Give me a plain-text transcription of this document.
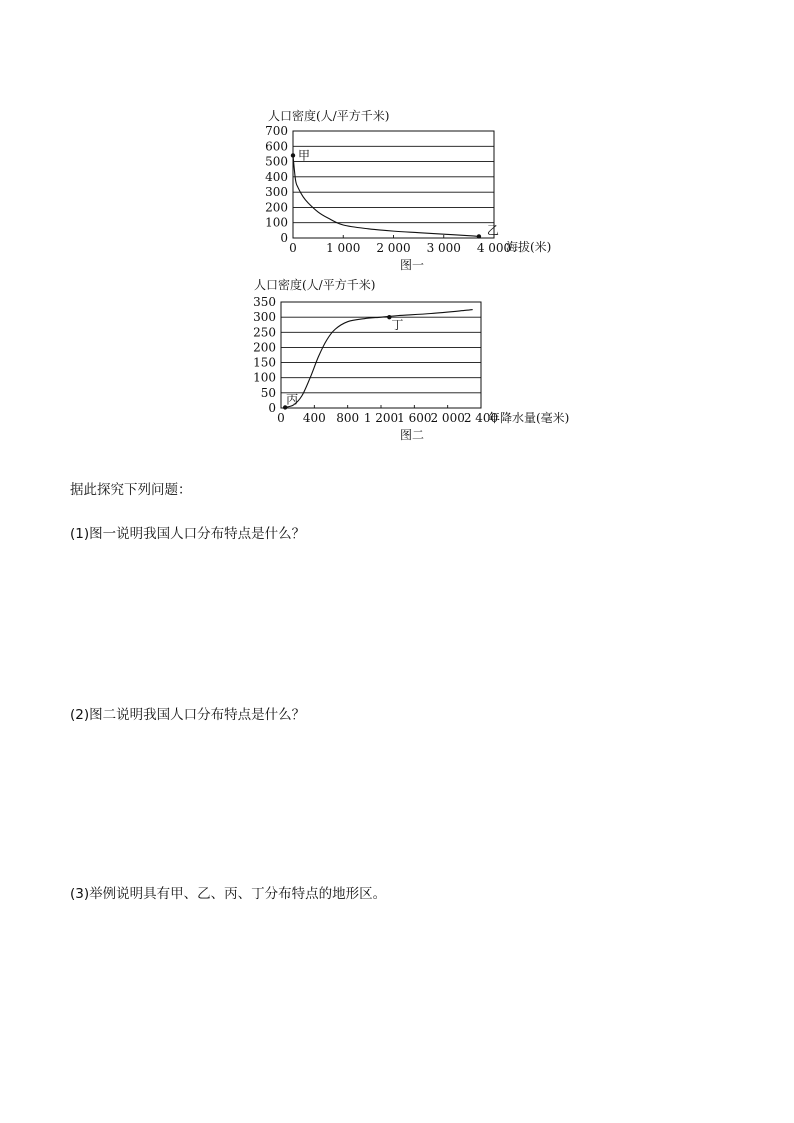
人口密度(人/平方千米)
0
100
200
300
400
500
600
700
0 1 000 2 000 3 000 4 000
甲
乙
海拔(米)
图一
人口密度(人/平方千米)
0
50
100
150
200
250
300
350
0 400 800 1 200
1 600
2 000
2 400
丙
丁
年降水量(毫米)
图二
据此探究下列问题：
(1)图一说明我国人口分布特点是什么？
(2)图二说明我国人口分布特点是什么？
(3)举例说明具有甲、乙、丙、丁分布特点的地形区。
